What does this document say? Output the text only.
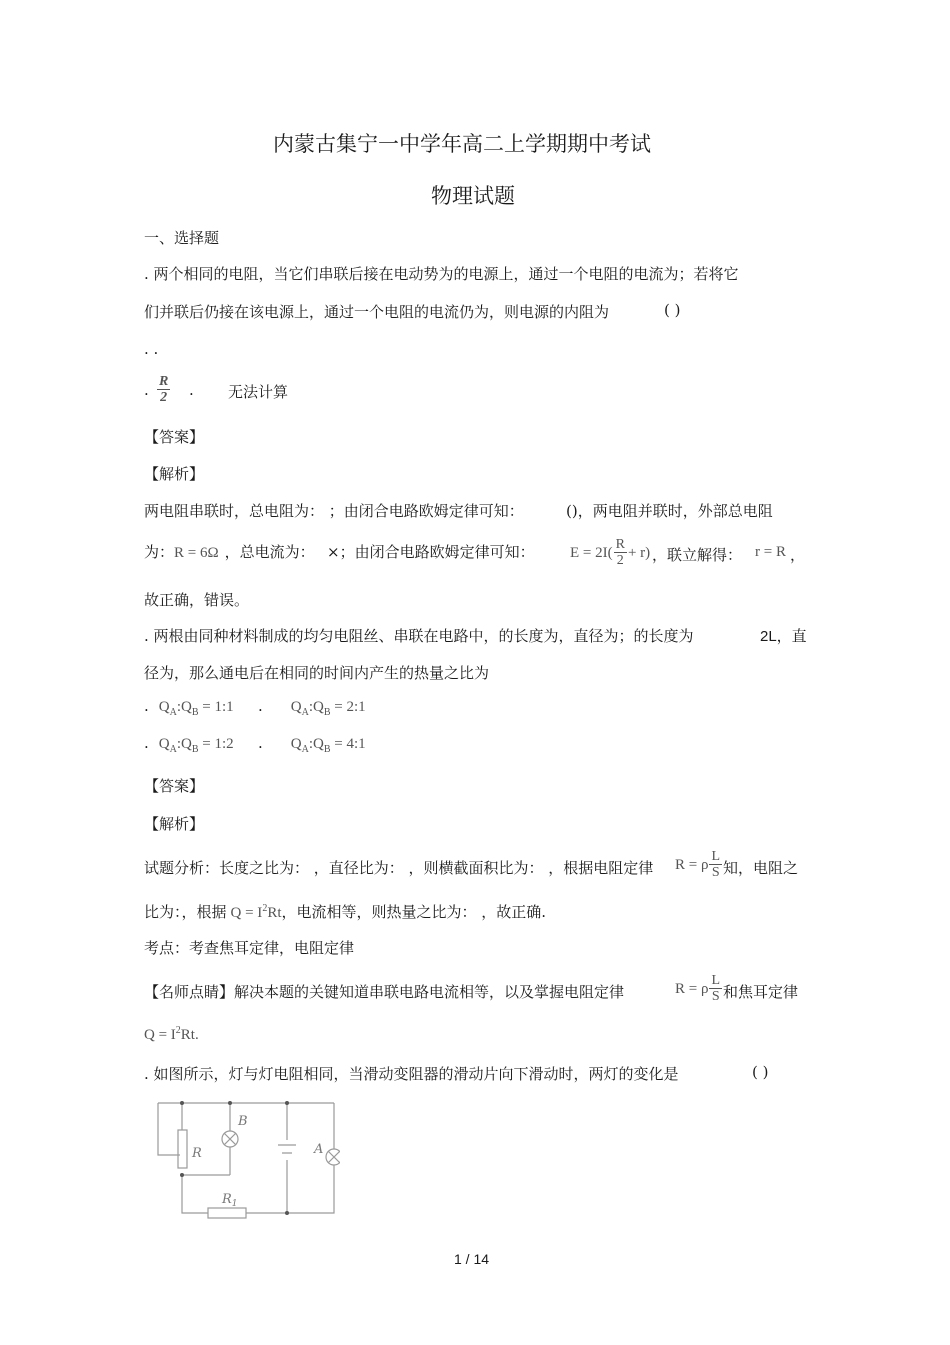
内蒙古集宁一中学年高二上学期期中考试
物理试题
一、选择题
. 两个相同的电阻，当它们串联后接在电动势为的电源上，通过一个电阻的电流为；若将它
们并联后仍接在该电源上，通过一个电阻的电流仍为，则电源的内阻为	( )
. .
. $\frac{R}{2}$ . 无法计算
【答案】
【解析】
两电阻串联时，总电阻为： ；由闭合电路欧姆定律可知：	()，两电阻并联时，外部总电阻
为：R = 6Ω ，总电流为： ×；由闭合电路欧姆定律可知： $E = 2I( \frac{R}{2} + r)$ ，联立解得： r = R ，
故正确，错误。
. 两根由同种材料制成的均匀电阻丝、串联在电路中，的长度为，直径为；的长度为	2L，直
径为，那么通电后在相同的时间内产生的热量之比为
. $Q_A:Q_B$ = 1:1 . $Q_A:Q_B$ = 2:1
. $Q_A:Q_B$ = 1:2 . $Q_A:Q_B$ = 4:1
【答案】
【解析】
试题分析：长度之比为： ，直径比为： ，则横截面积比为： ，根据电阻定律 R = ρ $\frac{L}{S}$ 知，电阻之
比为：，根据 $Q = I^2Rt$，电流相等，则热量之比为： ，故正确.
考点：考查焦耳定律，电阻定律
【名师点睛】解决本题的关键知道串联电路电流相等，以及掌握电阻定律	R = ρ $\frac{L}{S}$ 和焦耳定律
$Q = I^2Rt$.
. 如图所示，灯与灯电阻相同，当滑动变阻器的滑动片向下滑动时，两灯的变化是	( )
R
B
A
$R_1$
1 / 14
